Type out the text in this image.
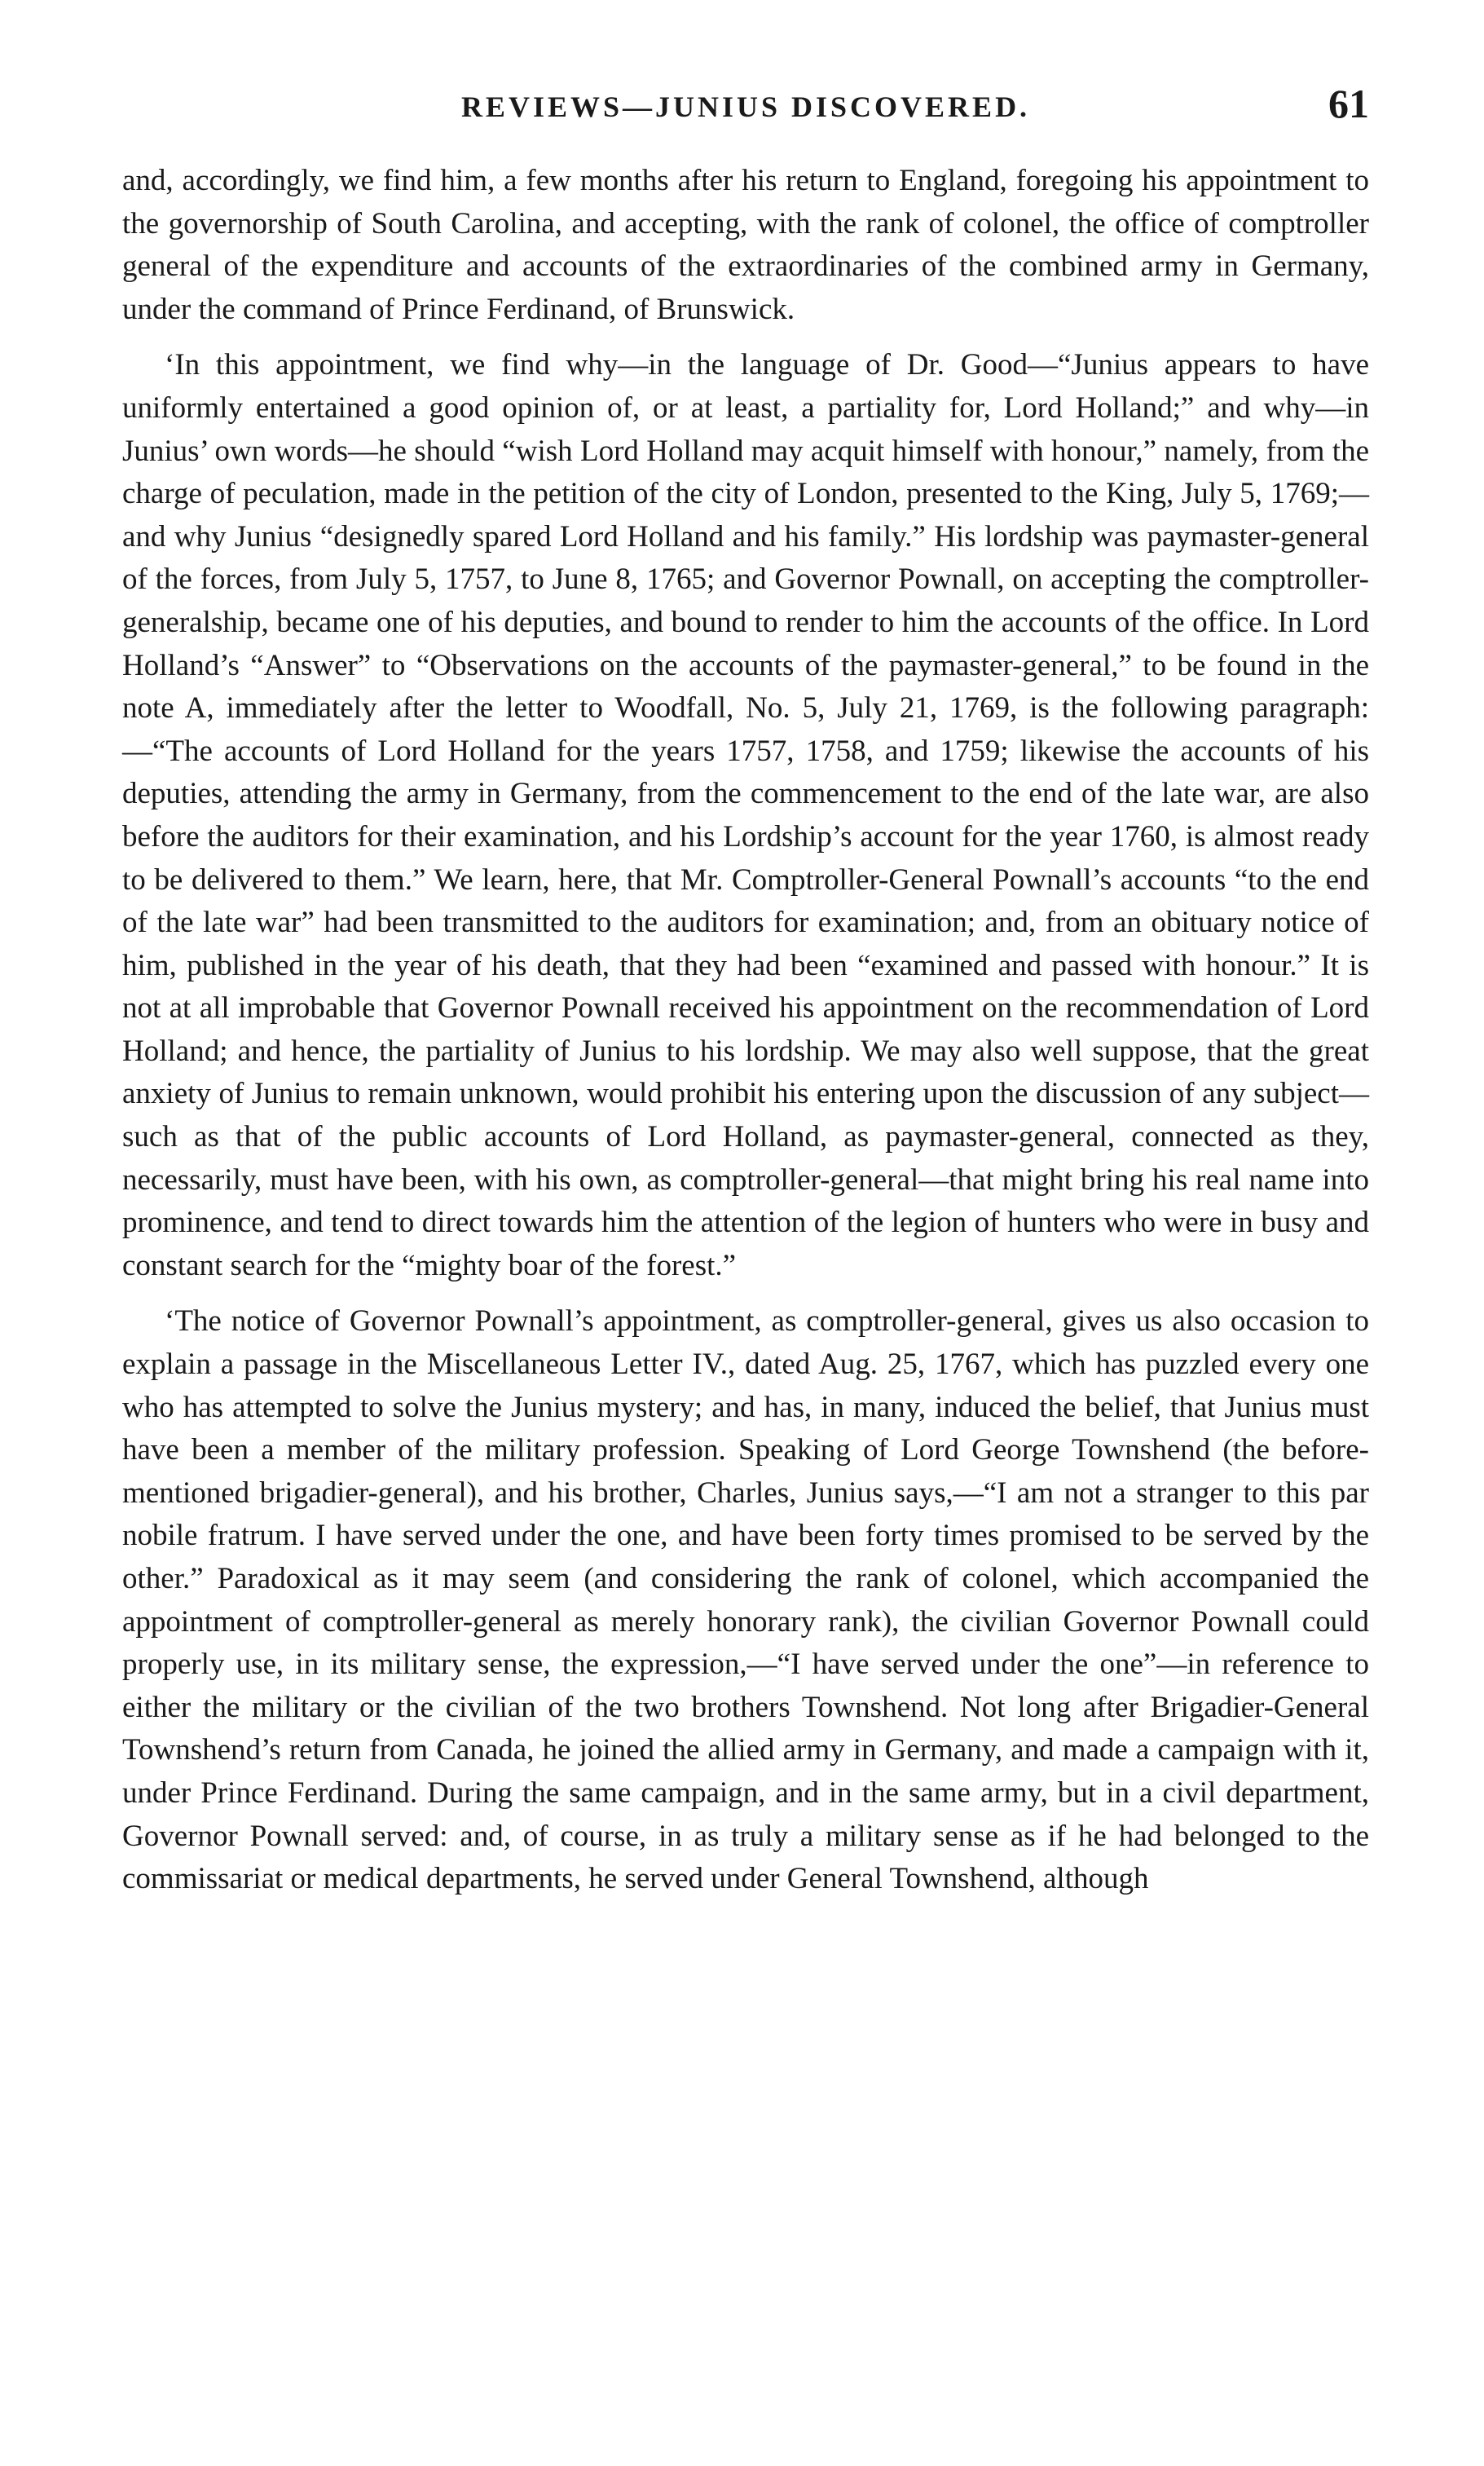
REVIEWS—JUNIUS DISCOVERED.	61

and, accordingly, we find him, a few months after his return to England, foregoing his appointment to the governorship of South Carolina, and accepting, with the rank of colonel, the office of comptroller general of the expenditure and accounts of the extraordinaries of the combined army in Germany, under the command of Prince Ferdinand, of Brunswick.

‘In this appointment, we find why—in the language of Dr. Good—“Junius appears to have uniformly entertained a good opinion of, or at least, a partiality for, Lord Holland;” and why—in Junius’ own words—he should “wish Lord Holland may acquit himself with honour,” namely, from the charge of peculation, made in the petition of the city of London, presented to the King, July 5, 1769;—and why Junius “designedly spared Lord Holland and his family.” His lordship was paymaster-general of the forces, from July 5, 1757, to June 8, 1765; and Governor Pownall, on accepting the comptroller-generalship, became one of his deputies, and bound to render to him the accounts of the office. In Lord Holland’s “Answer” to “Observations on the accounts of the paymaster-general,” to be found in the note A, immediately after the letter to Woodfall, No. 5, July 21, 1769, is the following paragraph:—“The accounts of Lord Holland for the years 1757, 1758, and 1759; likewise the accounts of his deputies, attending the army in Germany, from the commencement to the end of the late war, are also before the auditors for their examination, and his Lordship’s account for the year 1760, is almost ready to be delivered to them.” We learn, here, that Mr. Comptroller-General Pownall’s accounts “to the end of the late war” had been transmitted to the auditors for examination; and, from an obituary notice of him, published in the year of his death, that they had been “examined and passed with honour.” It is not at all improbable that Governor Pownall received his appointment on the recommendation of Lord Holland; and hence, the partiality of Junius to his lordship. We may also well suppose, that the great anxiety of Junius to remain unknown, would prohibit his entering upon the discussion of any subject—such as that of the public accounts of Lord Holland, as paymaster-general, connected as they, necessarily, must have been, with his own, as comptroller-general—that might bring his real name into prominence, and tend to direct towards him the attention of the legion of hunters who were in busy and constant search for the “mighty boar of the forest.”

‘The notice of Governor Pownall’s appointment, as comptroller-general, gives us also occasion to explain a passage in the Miscellaneous Letter IV., dated Aug. 25, 1767, which has puzzled every one who has attempted to solve the Junius mystery; and has, in many, induced the belief, that Junius must have been a member of the military profession. Speaking of Lord George Townshend (the before-mentioned brigadier-general), and his brother, Charles, Junius says,—“I am not a stranger to this par nobile fratrum. I have served under the one, and have been forty times promised to be served by the other.” Paradoxical as it may seem (and considering the rank of colonel, which accompanied the appointment of comptroller-general as merely honorary rank), the civilian Governor Pownall could properly use, in its military sense, the expression,—“I have served under the one”—in reference to either the military or the civilian of the two brothers Townshend. Not long after Brigadier-General Townshend’s return from Canada, he joined the allied army in Germany, and made a campaign with it, under Prince Ferdinand. During the same campaign, and in the same army, but in a civil department, Governor Pownall served: and, of course, in as truly a military sense as if he had belonged to the commissariat or medical departments, he served under General Townshend, although
